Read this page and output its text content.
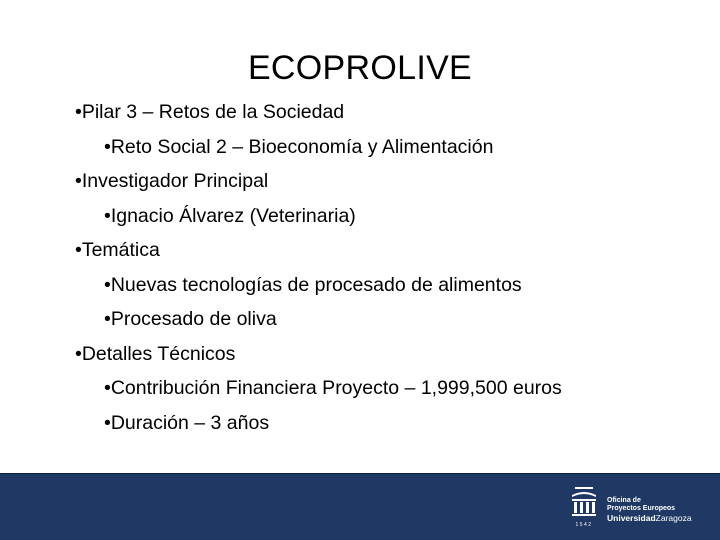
ECOPROLIVE
•Pilar 3 – Retos de la Sociedad
•Reto Social 2 – Bioeconomía y Alimentación
•Investigador Principal
•Ignacio Álvarez (Veterinaria)
•Temática
•Nuevas tecnologías de procesado de alimentos
•Procesado de oliva
•Detalles Técnicos
•Contribución Financiera Proyecto – 1,999,500 euros
•Duración – 3 años
1542
Oficina de
Proyectos Europeos
UniversidadZaragoza
